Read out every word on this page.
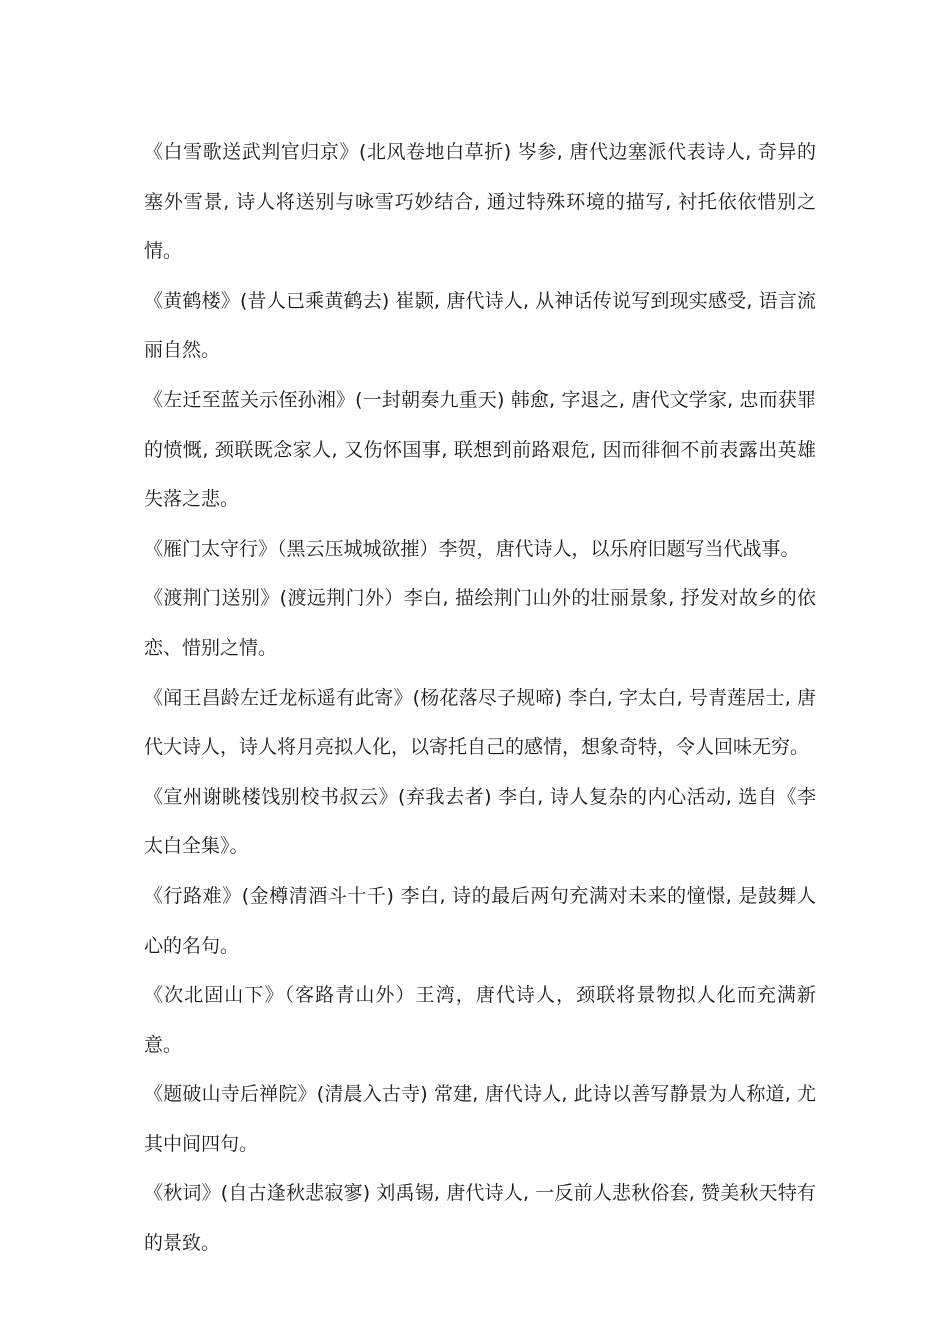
《白雪歌送武判官归京》(北风卷地白草折) 岑参, 唐代边塞派代表诗人, 奇异的塞外雪景, 诗人将送别与咏雪巧妙结合, 通过特殊环境的描写, 衬托依依惜别之情。

《黄鹤楼》(昔人已乘黄鹤去) 崔颢, 唐代诗人, 从神话传说写到现实感受, 语言流丽自然。

《左迁至蓝关示侄孙湘》(一封朝奏九重天) 韩愈, 字退之, 唐代文学家, 忠而获罪的愤慨, 颈联既念家人, 又伤怀国事, 联想到前路艰危, 因而徘徊不前表露出英雄失落之悲。

《雁门太守行》（黑云压城城欲摧）李贺，唐代诗人，以乐府旧题写当代战事。

《渡荆门送别》(渡远荆门外）李白, 描绘荆门山外的壮丽景象, 抒发对故乡的依恋、惜别之情。

《闻王昌龄左迁龙标遥有此寄》(杨花落尽子规啼) 李白, 字太白, 号青莲居士, 唐代大诗人，诗人将月亮拟人化，以寄托自己的感情，想象奇特，令人回味无穷。

《宣州谢眺楼饯别校书叔云》(弃我去者) 李白, 诗人复杂的内心活动, 选自《李太白全集》。

《行路难》(金樽清酒斗十千) 李白, 诗的最后两句充满对未来的憧憬, 是鼓舞人心的名句。

《次北固山下》（客路青山外）王湾，唐代诗人，颈联将景物拟人化而充满新意。

《题破山寺后禅院》(清晨入古寺) 常建, 唐代诗人, 此诗以善写静景为人称道, 尤其中间四句。

《秋词》(自古逢秋悲寂寥) 刘禹锡, 唐代诗人, 一反前人悲秋俗套, 赞美秋天特有的景致。
